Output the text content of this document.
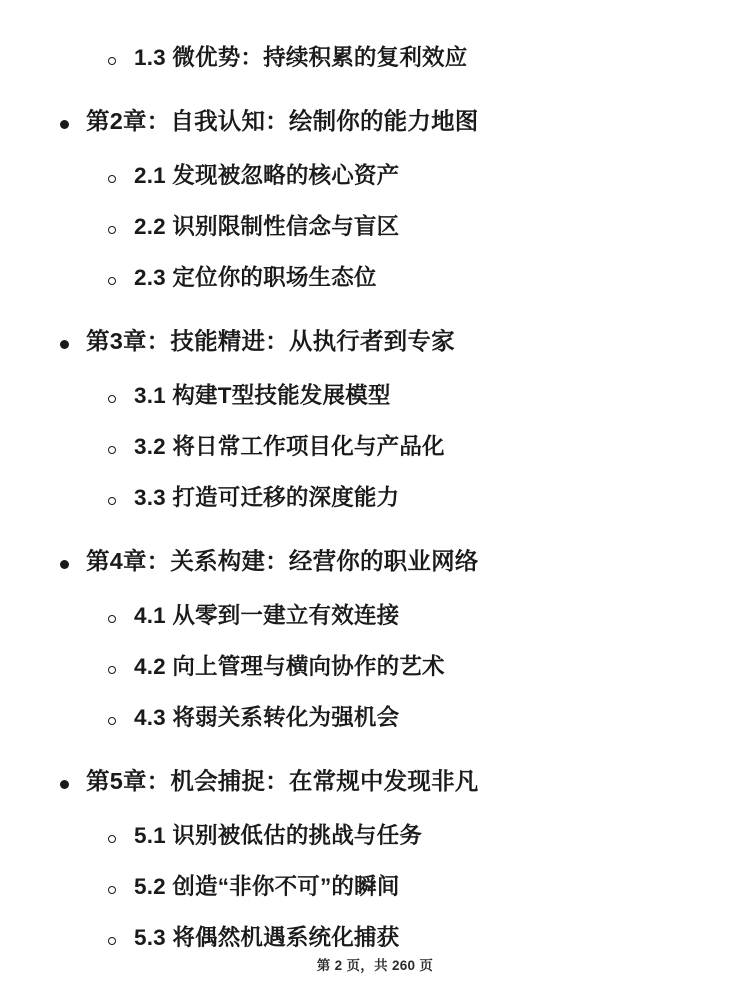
1.3 微优势：持续积累的复利效应
第2章：自我认知：绘制你的能力地图
2.1 发现被忽略的核心资产
2.2 识别限制性信念与盲区
2.3 定位你的职场生态位
第3章：技能精进：从执行者到专家
3.1 构建T型技能发展模型
3.2 将日常工作项目化与产品化
3.3 打造可迁移的深度能力
第4章：关系构建：经营你的职业网络
4.1 从零到一建立有效连接
4.2 向上管理与横向协作的艺术
4.3 将弱关系转化为强机会
第5章：机会捕捉：在常规中发现非凡
5.1 识别被低估的挑战与任务
5.2 创造“非你不可”的瞬间
5.3 将偶然机遇系统化捕获
第 2 页，共 260 页
